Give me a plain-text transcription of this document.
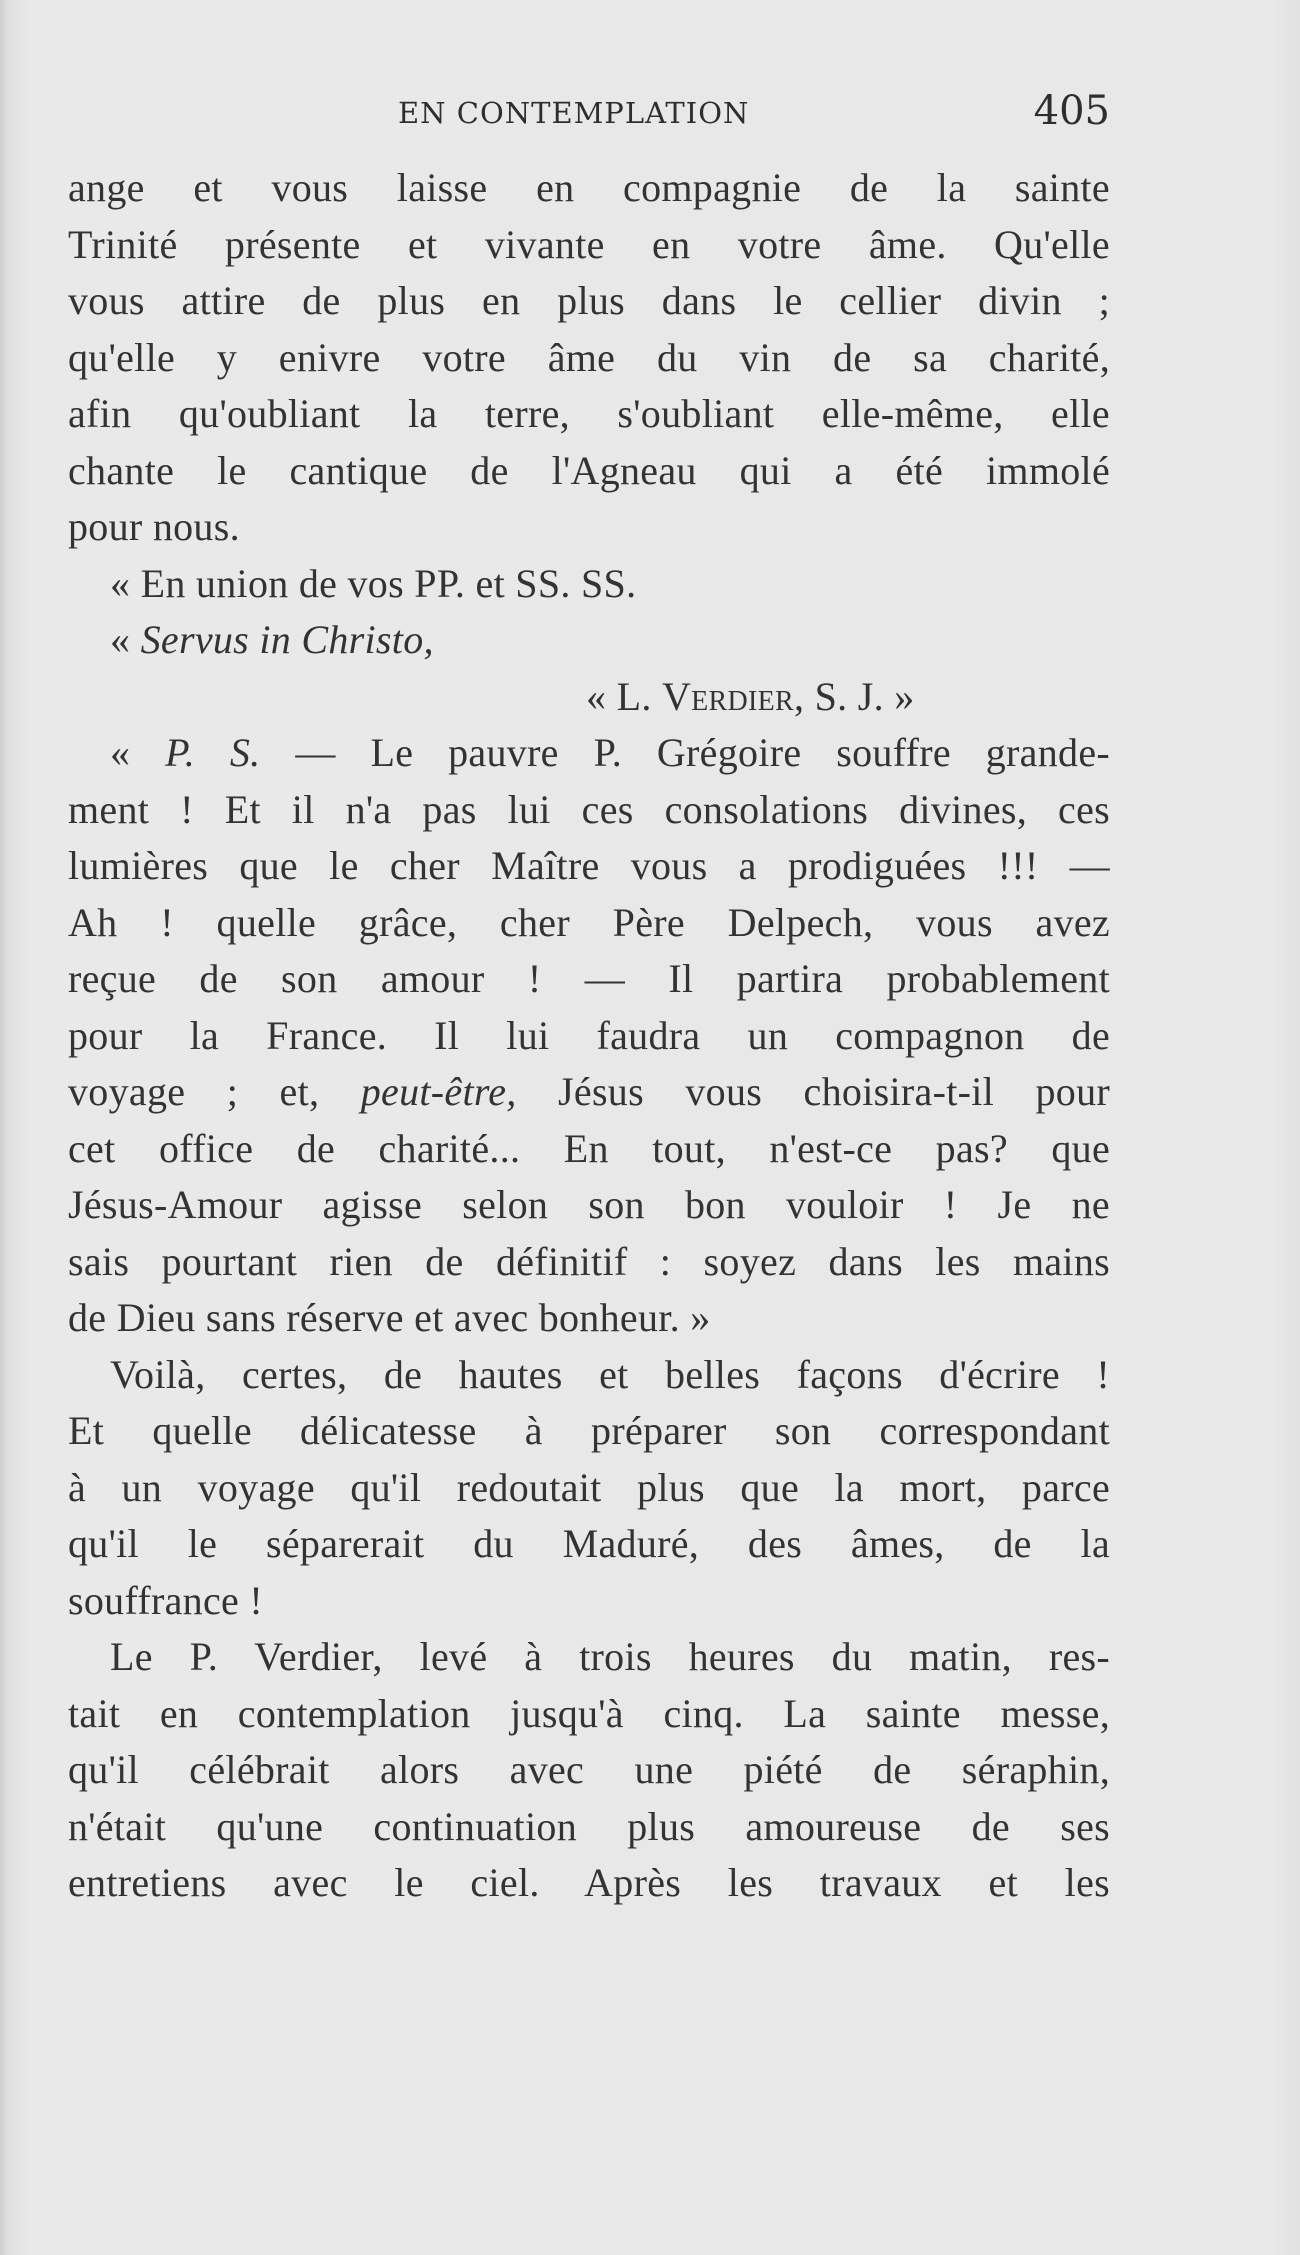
EN CONTEMPLATION	405
ange et vous laisse en compagnie de la sainte
Trinité présente et vivante en votre âme. Qu'elle
vous attire de plus en plus dans le cellier divin ;
qu'elle y enivre votre âme du vin de sa charité,
afin qu'oubliant la terre, s'oubliant elle-même, elle
chante le cantique de l'Agneau qui a été immolé
pour nous.
« En union de vos PP. et SS. SS.
« Servus in Christo,
« L. Verdier, S. J. »
« P. S. — Le pauvre P. Grégoire souffre grande-
ment ! Et il n'a pas lui ces consolations divines, ces
lumières que le cher Maître vous a prodiguées !!! —
Ah ! quelle grâce, cher Père Delpech, vous avez
reçue de son amour ! — Il partira probablement
pour la France. Il lui faudra un compagnon de
voyage ; et, peut-être, Jésus vous choisira-t-il pour
cet office de charité... En tout, n'est-ce pas? que
Jésus-Amour agisse selon son bon vouloir ! Je ne
sais pourtant rien de définitif : soyez dans les mains
de Dieu sans réserve et avec bonheur. »
Voilà, certes, de hautes et belles façons d'écrire !
Et quelle délicatesse à préparer son correspondant
à un voyage qu'il redoutait plus que la mort, parce
qu'il le séparerait du Maduré, des âmes, de la
souffrance !
Le P. Verdier, levé à trois heures du matin, res-
tait en contemplation jusqu'à cinq. La sainte messe,
qu'il célébrait alors avec une piété de séraphin,
n'était qu'une continuation plus amoureuse de ses
entretiens avec le ciel. Après les travaux et les
